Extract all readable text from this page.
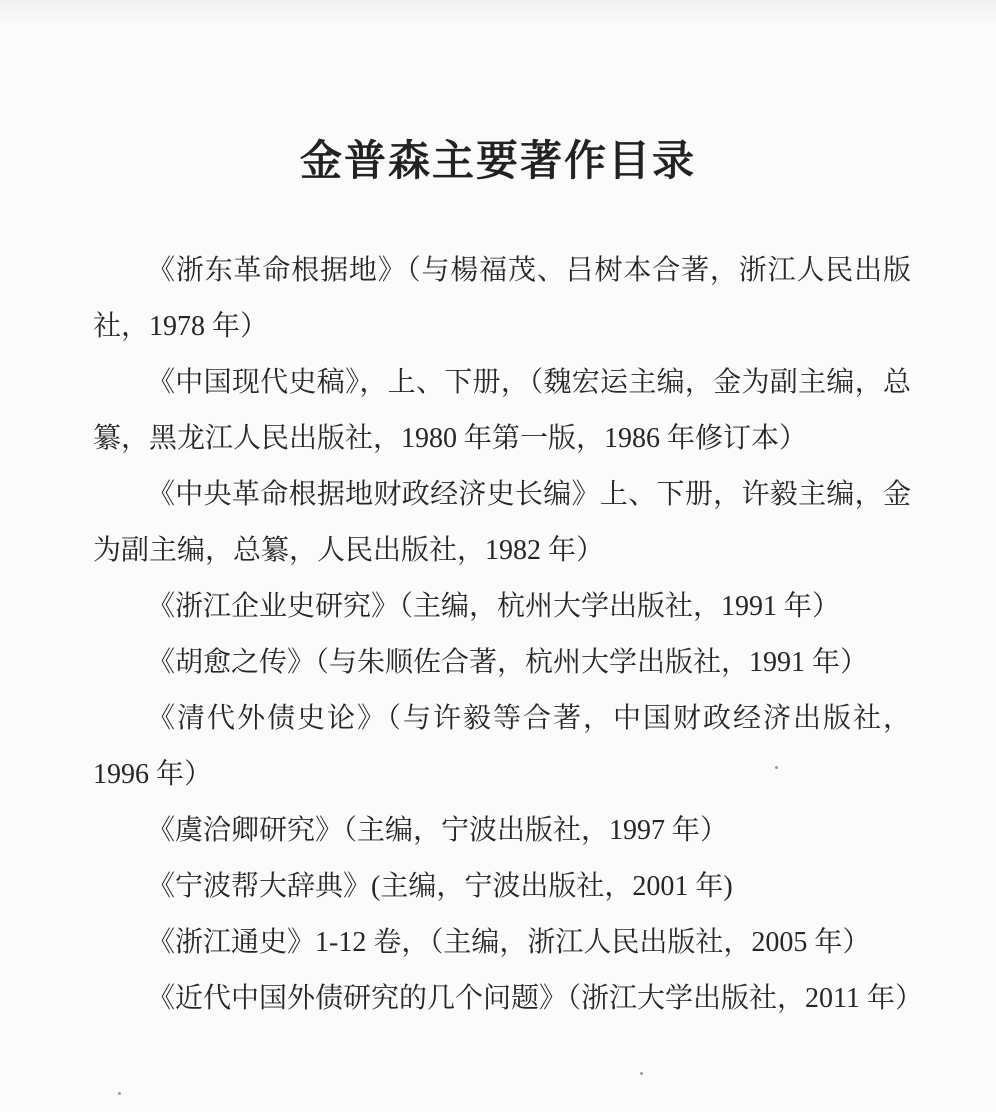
金普森主要著作目录

《浙东革命根据地》（与楊福茂、吕树本合著，浙江人民出版社，1978 年）

《中国现代史稿》，上、下册，（魏宏运主编，金为副主编，总纂，黑龙江人民出版社，1980 年第一版，1986 年修订本）

《中央革命根据地财政经济史长编》上、下册，许毅主编，金为副主编，总纂，人民出版社，1982 年）

《浙江企业史研究》（主编，杭州大学出版社，1991 年）

《胡愈之传》（与朱顺佐合著，杭州大学出版社，1991 年）

《清代外债史论》（与许毅等合著，中国财政经济出版社，1996 年）

《虞洽卿研究》（主编，宁波出版社，1997 年）

《宁波帮大辞典》(主编，宁波出版社，2001 年)

《浙江通史》1-12 卷，（主编，浙江人民出版社，2005 年）

《近代中国外债研究的几个问题》（浙江大学出版社，2011 年）
